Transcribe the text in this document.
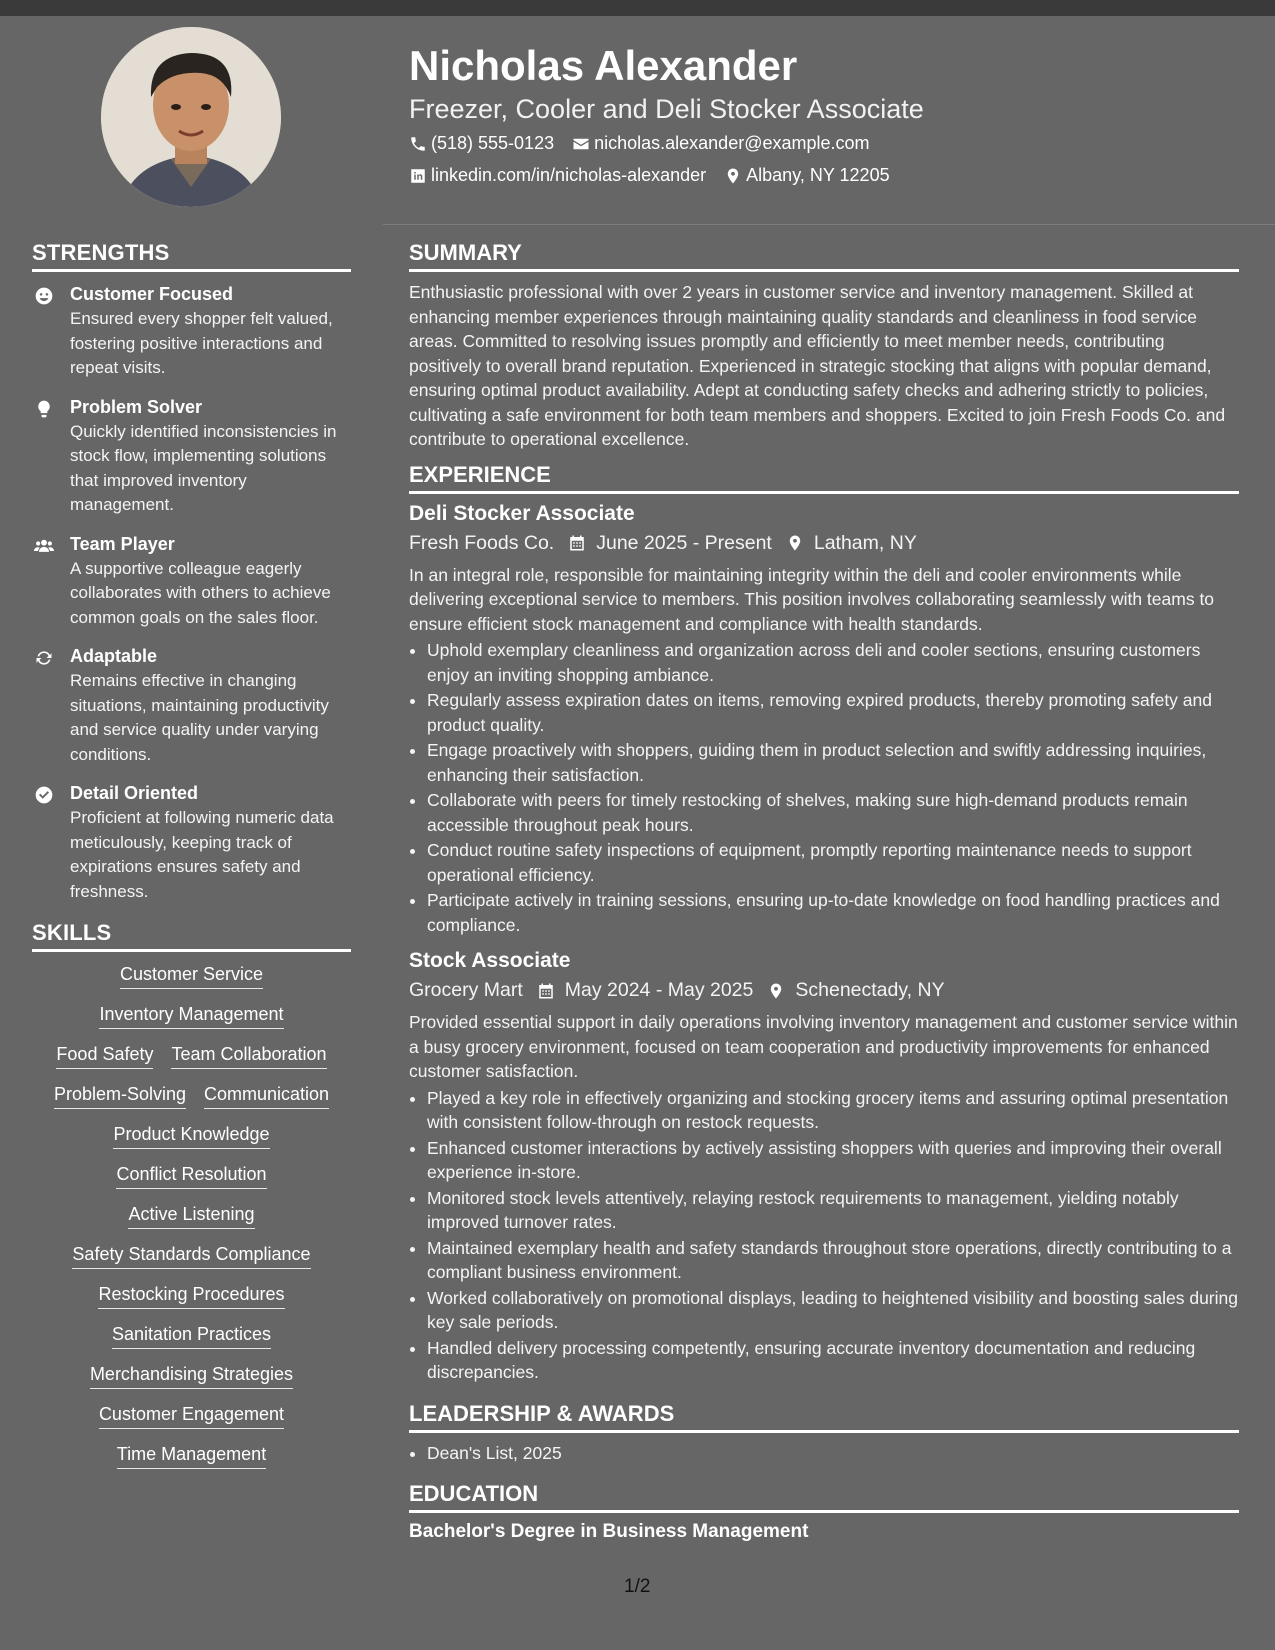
Nicholas Alexander
Freezer, Cooler and Deli Stocker Associate
(518) 555-0123 nicholas.alexander@example.com
linkedin.com/in/nicholas-alexander Albany, NY 12205
STRENGTHS
Customer Focused
Ensured every shopper felt valued, fostering positive interactions and repeat visits.
Problem Solver
Quickly identified inconsistencies in stock flow, implementing solutions that improved inventory management.
Team Player
A supportive colleague eagerly collaborates with others to achieve common goals on the sales floor.
Adaptable
Remains effective in changing situations, maintaining productivity and service quality under varying conditions.
Detail Oriented
Proficient at following numeric data meticulously, keeping track of expirations ensures safety and freshness.
SKILLS
Customer Service
Inventory Management
Food Safety Team Collaboration
Problem-Solving Communication
Product Knowledge
Conflict Resolution
Active Listening
Safety Standards Compliance
Restocking Procedures
Sanitation Practices
Merchandising Strategies
Customer Engagement
Time Management
SUMMARY

Enthusiastic professional with over 2 years in customer service and inventory management. Skilled at enhancing member experiences through maintaining quality standards and cleanliness in food service areas. Committed to resolving issues promptly and efficiently to meet member needs, contributing positively to overall brand reputation. Experienced in strategic stocking that aligns with popular demand, ensuring optimal product availability. Adept at conducting safety checks and adhering strictly to policies, cultivating a safe environment for both team members and shoppers. Excited to join Fresh Foods Co. and contribute to operational excellence.

EXPERIENCE
Deli Stocker Associate
Fresh Foods Co. June 2025 - Present Latham, NY

In an integral role, responsible for maintaining integrity within the deli and cooler environments while delivering exceptional service to members. This position involves collaborating seamlessly with teams to ensure efficient stock management and compliance with health standards.

• Uphold exemplary cleanliness and organization across deli and cooler sections, ensuring customers enjoy an inviting shopping ambiance.
• Regularly assess expiration dates on items, removing expired products, thereby promoting safety and product quality.
• Engage proactively with shoppers, guiding them in product selection and swiftly addressing inquiries, enhancing their satisfaction.
• Collaborate with peers for timely restocking of shelves, making sure high-demand products remain accessible throughout peak hours.
• Conduct routine safety inspections of equipment, promptly reporting maintenance needs to support operational efficiency.
• Participate actively in training sessions, ensuring up-to-date knowledge on food handling practices and compliance.
Stock Associate
Grocery Mart May 2024 - May 2025 Schenectady, NY

Provided essential support in daily operations involving inventory management and customer service within a busy grocery environment, focused on team cooperation and productivity improvements for enhanced customer satisfaction.

• Played a key role in effectively organizing and stocking grocery items and assuring optimal presentation with consistent follow-through on restock requests.
• Enhanced customer interactions by actively assisting shoppers with queries and improving their overall experience in-store.
• Monitored stock levels attentively, relaying restock requirements to management, yielding notably improved turnover rates.
• Maintained exemplary health and safety standards throughout store operations, directly contributing to a compliant business environment.
• Worked collaboratively on promotional displays, leading to heightened visibility and boosting sales during key sale periods.
• Handled delivery processing competently, ensuring accurate inventory documentation and reducing discrepancies.
LEADERSHIP & AWARDS
• Dean's List, 2025
EDUCATION
Bachelor's Degree in Business Management
1/2
